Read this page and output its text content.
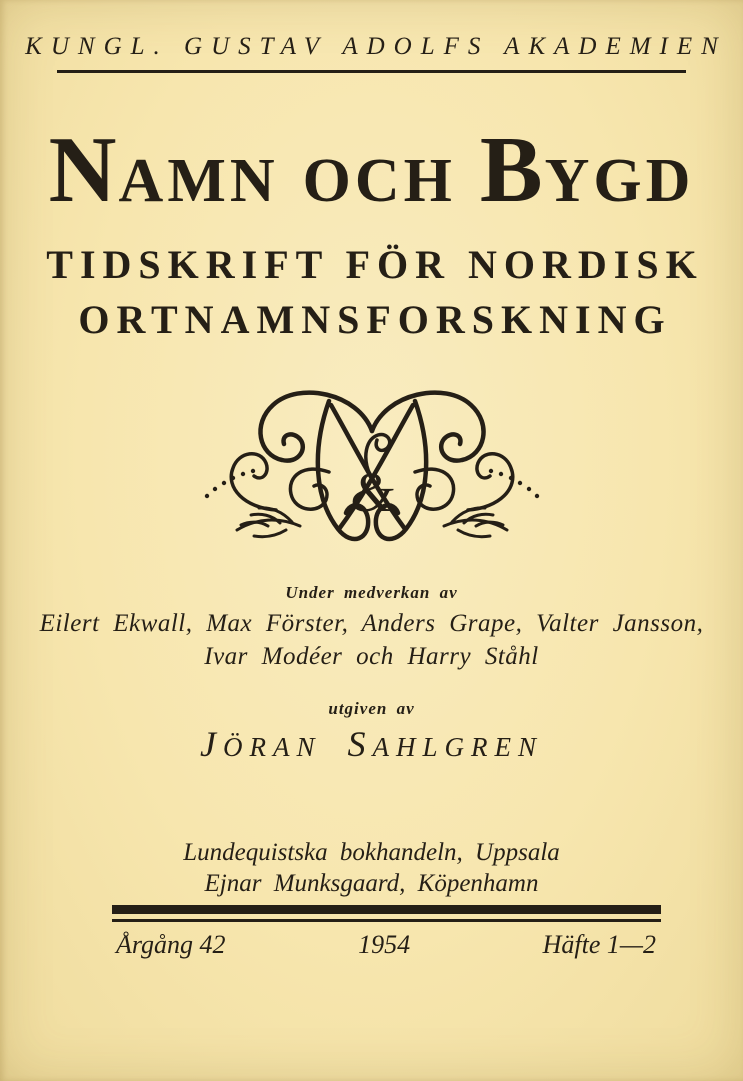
KUNGL. GUSTAV ADOLFS AKADEMIEN
NAMN OCH BYGD
TIDSKRIFT FÖR NORDISK
ORTNAMNSFORSKNING
&
Under medverkan av
Eilert Ekwall, Max Förster, Anders Grape, Valter Jansson,
Ivar Modéer och Harry Ståhl
utgiven av
JÖRAN SAHLGREN
Lundequistska bokhandeln, Uppsala
Ejnar Munksgaard, Köpenhamn
Årgång 42	1954	Häfte 1—2
